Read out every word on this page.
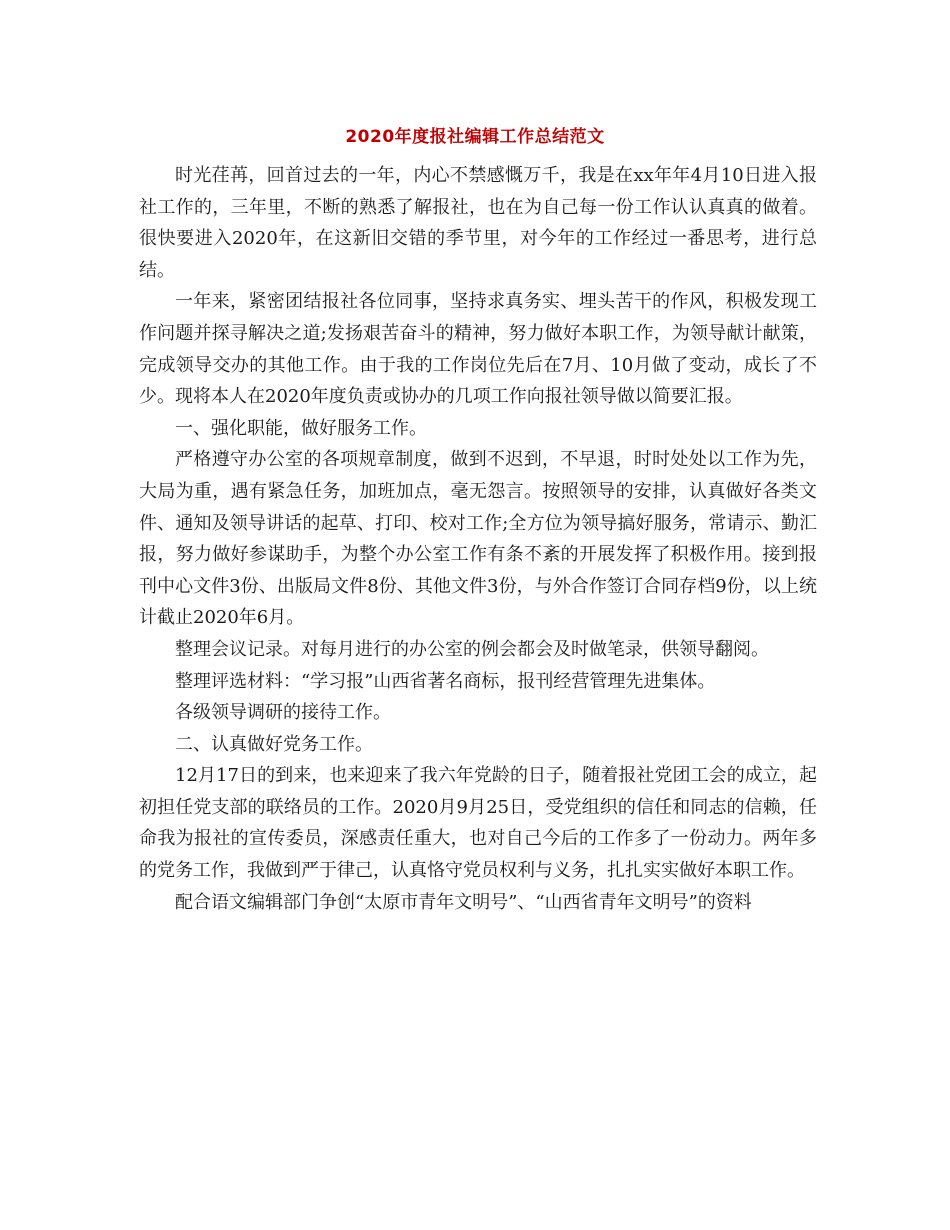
2020年度报社编辑工作总结范文

时光荏苒，回首过去的一年，内心不禁感慨万千，我是在xx年年4月10日进入报社工作的，三年里，不断的熟悉了解报社，也在为自己每一份工作认认真真的做着。很快要进入2020年，在这新旧交错的季节里，对今年的工作经过一番思考，进行总结。

一年来，紧密团结报社各位同事，坚持求真务实、埋头苦干的作风，积极发现工作问题并探寻解决之道;发扬艰苦奋斗的精神，努力做好本职工作，为领导献计献策，完成领导交办的其他工作。由于我的工作岗位先后在7月、10月做了变动，成长了不少。现将本人在2020年度负责或协办的几项工作向报社领导做以简要汇报。

一、强化职能，做好服务工作。

严格遵守办公室的各项规章制度，做到不迟到，不早退，时时处处以工作为先，大局为重，遇有紧急任务，加班加点，毫无怨言。按照领导的安排，认真做好各类文件、通知及领导讲话的起草、打印、校对工作;全方位为领导搞好服务，常请示、勤汇报，努力做好参谋助手，为整个办公室工作有条不紊的开展发挥了积极作用。接到报刊中心文件3份、出版局文件8份、其他文件3份，与外合作签订合同存档9份，以上统计截止2020年6月。

整理会议记录。对每月进行的办公室的例会都会及时做笔录，供领导翻阅。

整理评选材料：“学习报”山西省著名商标，报刊经营管理先进集体。

各级领导调研的接待工作。

二、认真做好党务工作。

12月17日的到来，也来迎来了我六年党龄的日子，随着报社党团工会的成立，起初担任党支部的联络员的工作。2020月9月25日，受党组织的信任和同志的信赖，任命我为报社的宣传委员，深感责任重大，也对自己今后的工作多了一份动力。两年多的党务工作，我做到严于律己，认真恪守党员权利与义务，扎扎实实做好本职工作。

配合语文编辑部门争创“太原市青年文明号”、“山西省青年文明号”的资料
